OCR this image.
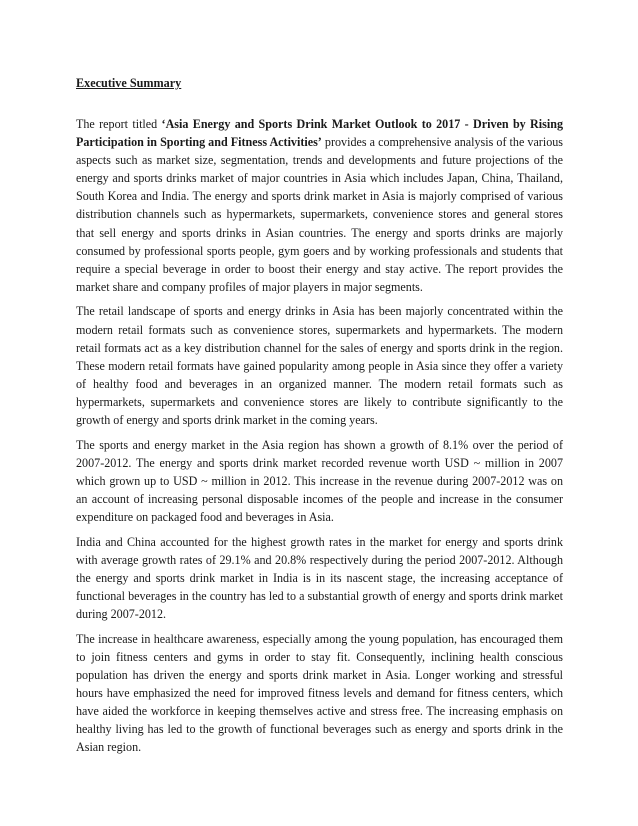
Executive Summary

The report titled ‘Asia Energy and Sports Drink Market Outlook to 2017 - Driven by Rising Participation in Sporting and Fitness Activities’ provides a comprehensive analysis of the various aspects such as market size, segmentation, trends and developments and future projections of the energy and sports drinks market of major countries in Asia which includes Japan, China, Thailand, South Korea and India. The energy and sports drink market in Asia is majorly comprised of various distribution channels such as hypermarkets, supermarkets, convenience stores and general stores that sell energy and sports drinks in Asian countries. The energy and sports drinks are majorly consumed by professional sports people, gym goers and by working professionals and students that require a special beverage in order to boost their energy and stay active. The report provides the market share and company profiles of major players in major segments.

The retail landscape of sports and energy drinks in Asia has been majorly concentrated within the modern retail formats such as convenience stores, supermarkets and hypermarkets. The modern retail formats act as a key distribution channel for the sales of energy and sports drink in the region. These modern retail formats have gained popularity among people in Asia since they offer a variety of healthy food and beverages in an organized manner. The modern retail formats such as hypermarkets, supermarkets and convenience stores are likely to contribute significantly to the growth of energy and sports drink market in the coming years.

The sports and energy market in the Asia region has shown a growth of 8.1% over the period of 2007-2012. The energy and sports drink market recorded revenue worth USD ~ million in 2007 which grown up to USD ~ million in 2012. This increase in the revenue during 2007-2012 was on an account of increasing personal disposable incomes of the people and increase in the consumer expenditure on packaged food and beverages in Asia.

India and China accounted for the highest growth rates in the market for energy and sports drink with average growth rates of 29.1% and 20.8% respectively during the period 2007-2012. Although the energy and sports drink market in India is in its nascent stage, the increasing acceptance of functional beverages in the country has led to a substantial growth of energy and sports drink market during 2007-2012.

The increase in healthcare awareness, especially among the young population, has encouraged them to join fitness centers and gyms in order to stay fit. Consequently, inclining health conscious population has driven the energy and sports drink market in Asia. Longer working and stressful hours have emphasized the need for improved fitness levels and demand for fitness centers, which have aided the workforce in keeping themselves active and stress free. The increasing emphasis on healthy living has led to the growth of functional beverages such as energy and sports drink in the Asian region.
